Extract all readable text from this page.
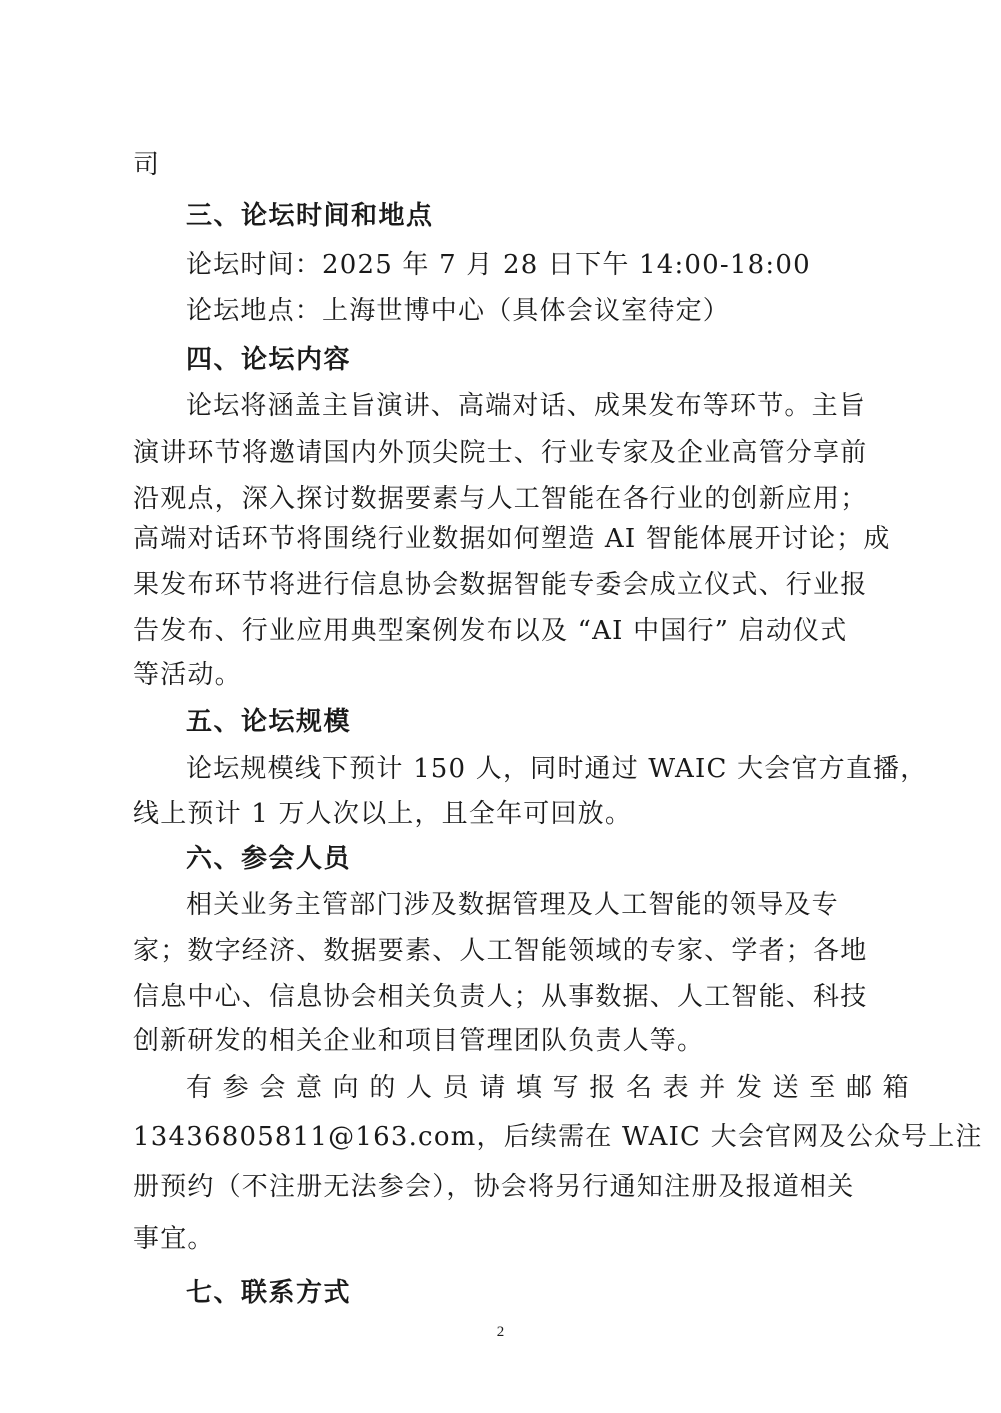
司
三、论坛时间和地点
论坛时间：2025 年 7 月 28 日下午 14:00-18:00
论坛地点：上海世博中心（具体会议室待定）
四、论坛内容
论坛将涵盖主旨演讲、高端对话、成果发布等环节。主旨
演讲环节将邀请国内外顶尖院士、行业专家及企业高管分享前
沿观点，深入探讨数据要素与人工智能在各行业的创新应用；
高端对话环节将围绕行业数据如何塑造 AI 智能体展开讨论；成
果发布环节将进行信息协会数据智能专委会成立仪式、行业报
告发布、行业应用典型案例发布以及 “AI 中国行” 启动仪式
等活动。
五、论坛规模
论坛规模线下预计 150 人，同时通过 WAIC 大会官方直播，
线上预计 1 万人次以上，且全年可回放。
六、参会人员
相关业务主管部门涉及数据管理及人工智能的领导及专
家；数字经济、数据要素、人工智能领域的专家、学者；各地
信息中心、信息协会相关负责人；从事数据、人工智能、科技
创新研发的相关企业和项目管理团队负责人等。
有 参 会 意 向 的 人 员 请 填 写 报 名 表 并 发 送 至 邮 箱
13436805811@163.com，后续需在 WAIC 大会官网及公众号上注
册预约（不注册无法参会），协会将另行通知注册及报道相关
事宜。
七、联系方式
2
